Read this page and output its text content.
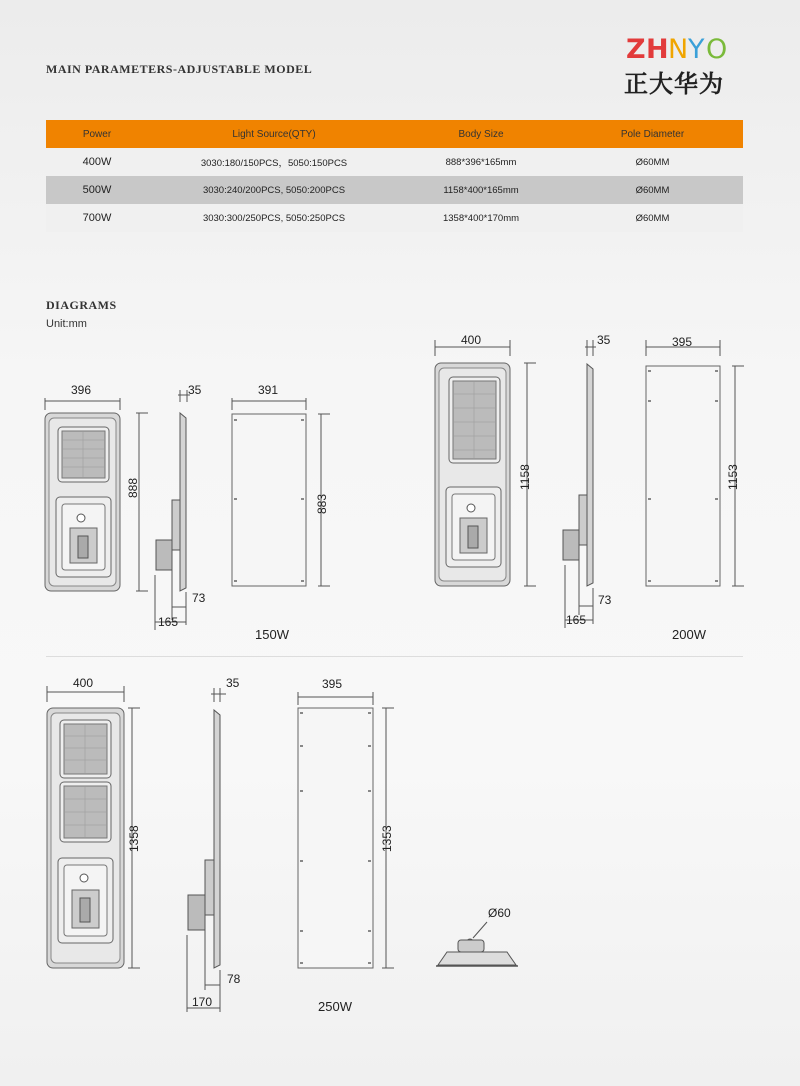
Z H N Y O
正大华为
MAIN PARAMETERS-ADJUSTABLE MODEL
Power	Light Source(QTY)	Body Size	Pole Diameter
400W	3030:180/150PCS，5050:150PCS	888*396*165mm	Ø60MM
500W	3030:240/200PCS, 5050:200PCS	1158*400*165mm	Ø60MM
700W	3030:300/250PCS, 5050:250PCS	1358*400*170mm	Ø60MM
DIAGRAMS
Unit:mm
396
888
35	391
883
73
165
150W
400
1158
35	395
1153
73
165
200W
400
1358
35	395
1353
78
170
Ø60
250W
